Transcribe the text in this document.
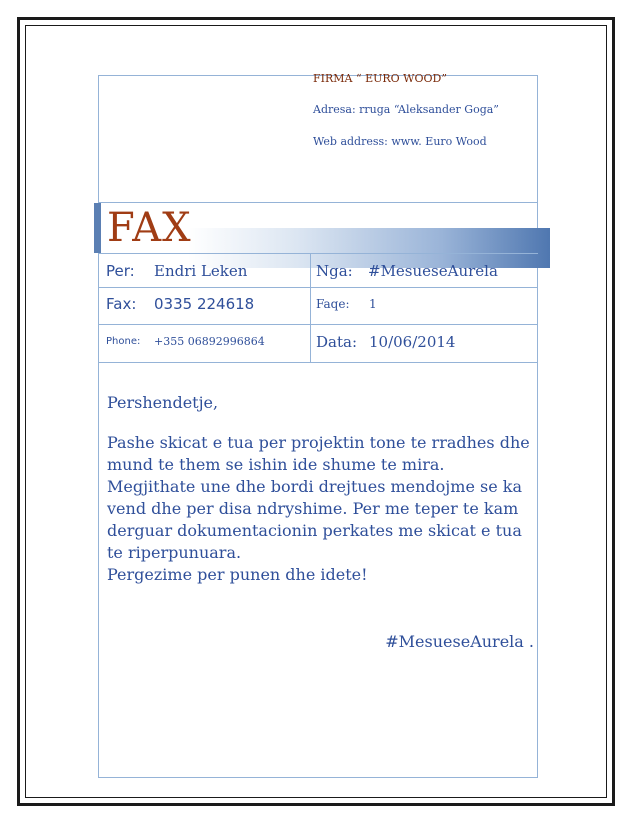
FIRMA “ EURO WOOD”
Adresa: rruga “Aleksander Goga”
Web address: www. Euro Wood
FAX
Per: Endri Leken	Nga: #MesueseAurela
Fax: 0335 224618	Faqe: 1
Phone: +355 06892996864	Data: 10/06/2014

Pershendetje,

Pashe skicat e tua per projektin tone te rradhes dhe mund te them se ishin ide shume te mira. Megjithate une dhe bordi drejtues mendojme se ka vend dhe per disa ndryshime. Per me teper te kam derguar dokumentacionin perkates me skicat e tua te riperpunuara.

Pergezime per punen dhe idete!

#MesueseAurela .
